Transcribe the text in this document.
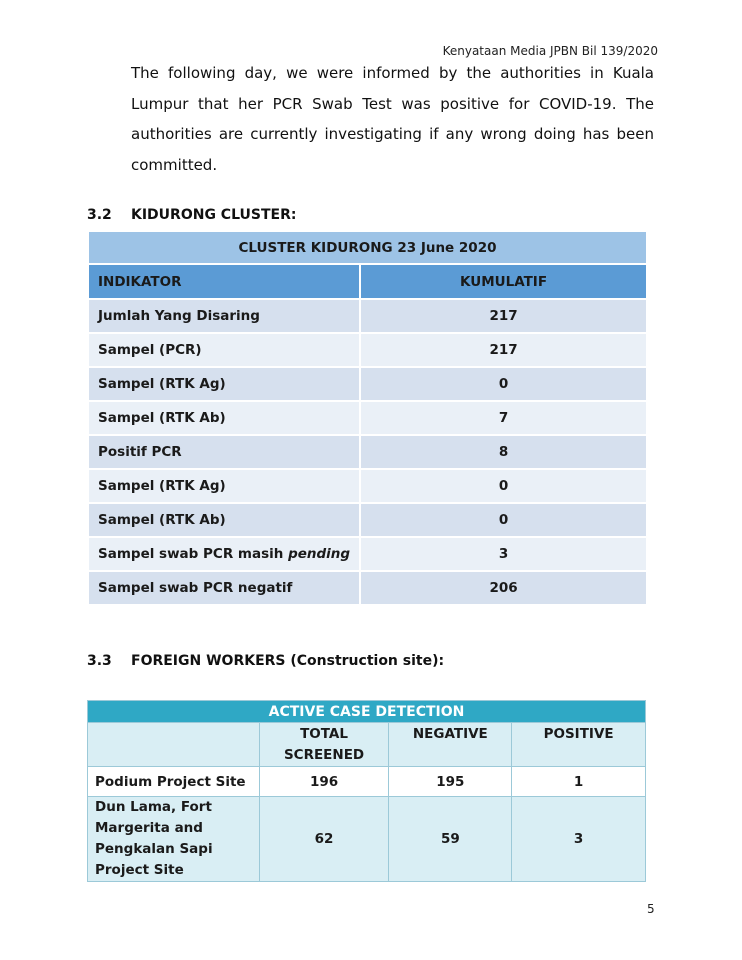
Kenyataan Media JPBN Bil 139/2020

The following day, we were informed by the authorities in Kuala Lumpur that her PCR Swab Test was positive for COVID-19. The authorities are currently investigating if any wrong doing has been committed.

3.2 KIDURONG CLUSTER:
CLUSTER KIDURONG 23 June 2020	
INDIKATOR	KUMULATIF
Jumlah Yang Disaring	217
Sampel (PCR)	217
Sampel (RTK Ag)	0
Sampel (RTK Ab)	7
Positif PCR	8
Sampel (RTK Ag)	0
Sampel (RTK Ab)	0
Sampel swab PCR masih pending	3
Sampel swab PCR negatif	206
3.3 FOREIGN WORKERS (Construction site):
ACTIVE CASE DETECTION			
	TOTAL SCREENED	NEGATIVE	POSITIVE
Podium Project Site	196	195	1
Dun Lama, Fort Margerita and Pengkalan Sapi Project Site	62	59	3
5
